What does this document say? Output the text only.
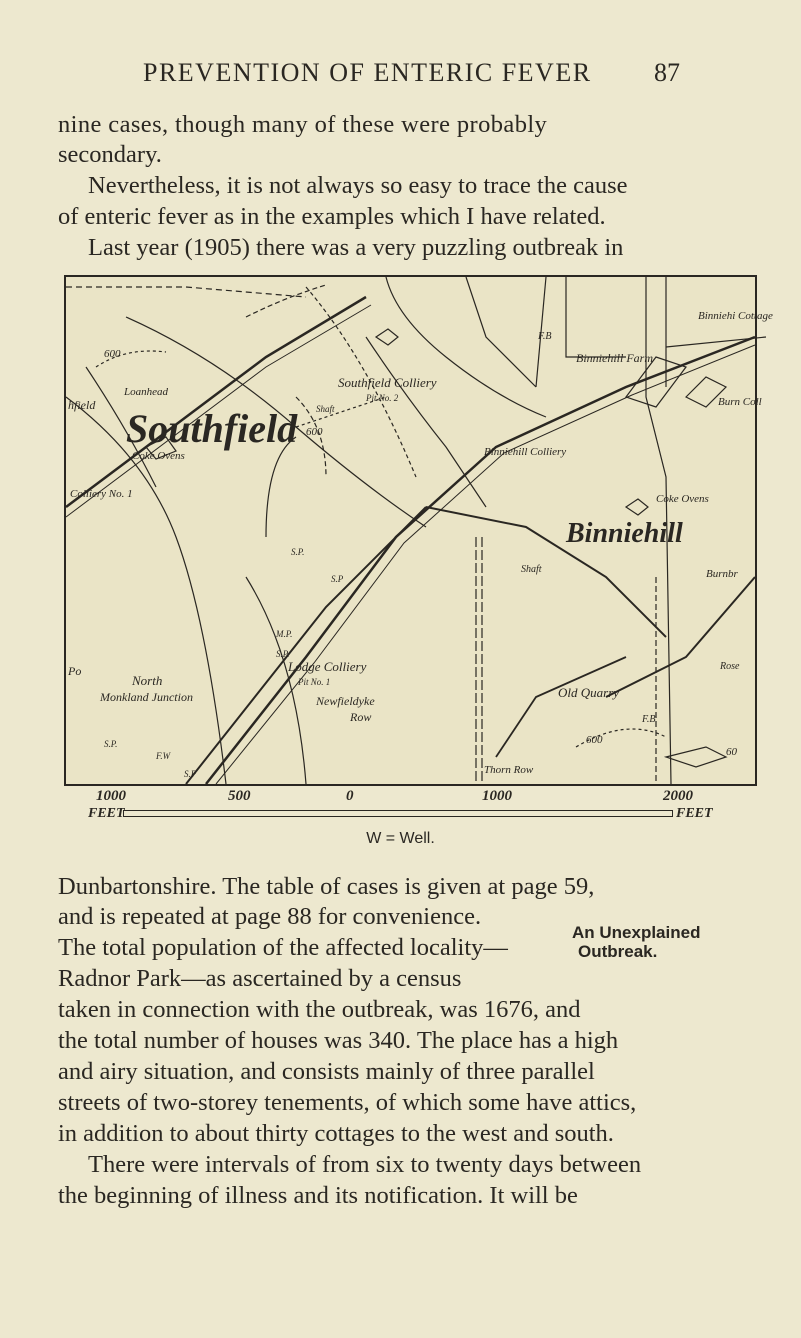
PREVENTION OF ENTERIC FEVER 87
nine cases, though many of these were probably
secondary.
Nevertheless, it is not always so easy to trace the cause
of enteric fever as in the examples which I have related.
Last year (1905) there was a very puzzling outbreak in
Southfield
Loanhead
hfield
Coke Ovens
Colliery No. 1
Southfield Colliery
Pit No. 2
Shaft
Binniehill Farm
Binniehill Colliery
Binniehi Cottage
F.B
Burn Coll
Coke Ovens
Binniehill
Burnbr
Shaft
S.P.
S.P
M.P.
S.P.
North
Monkland Junction
S.P.
F.W
S.P
Lodge Colliery
Pit No. 1
Newfieldyke
Row
Old Quarry
F.B
Thorn Row
Rose
600
600
600
60
Po
1000	500	0	1000	2000
FEET	FEET
W = Well.
Dunbartonshire. The table of cases is given at page 59,
and is repeated at page 88 for convenience.
The total population of the affected locality—
Radnor Park—as ascertained by a census
taken in connection with the outbreak, was 1676, and
the total number of houses was 340. The place has a high
and airy situation, and consists mainly of three parallel
streets of two-storey tenements, of which some have attics,
in addition to about thirty cottages to the west and south.
There were intervals of from six to twenty days between
the beginning of illness and its notification. It will be
An Unexplained
Outbreak.
